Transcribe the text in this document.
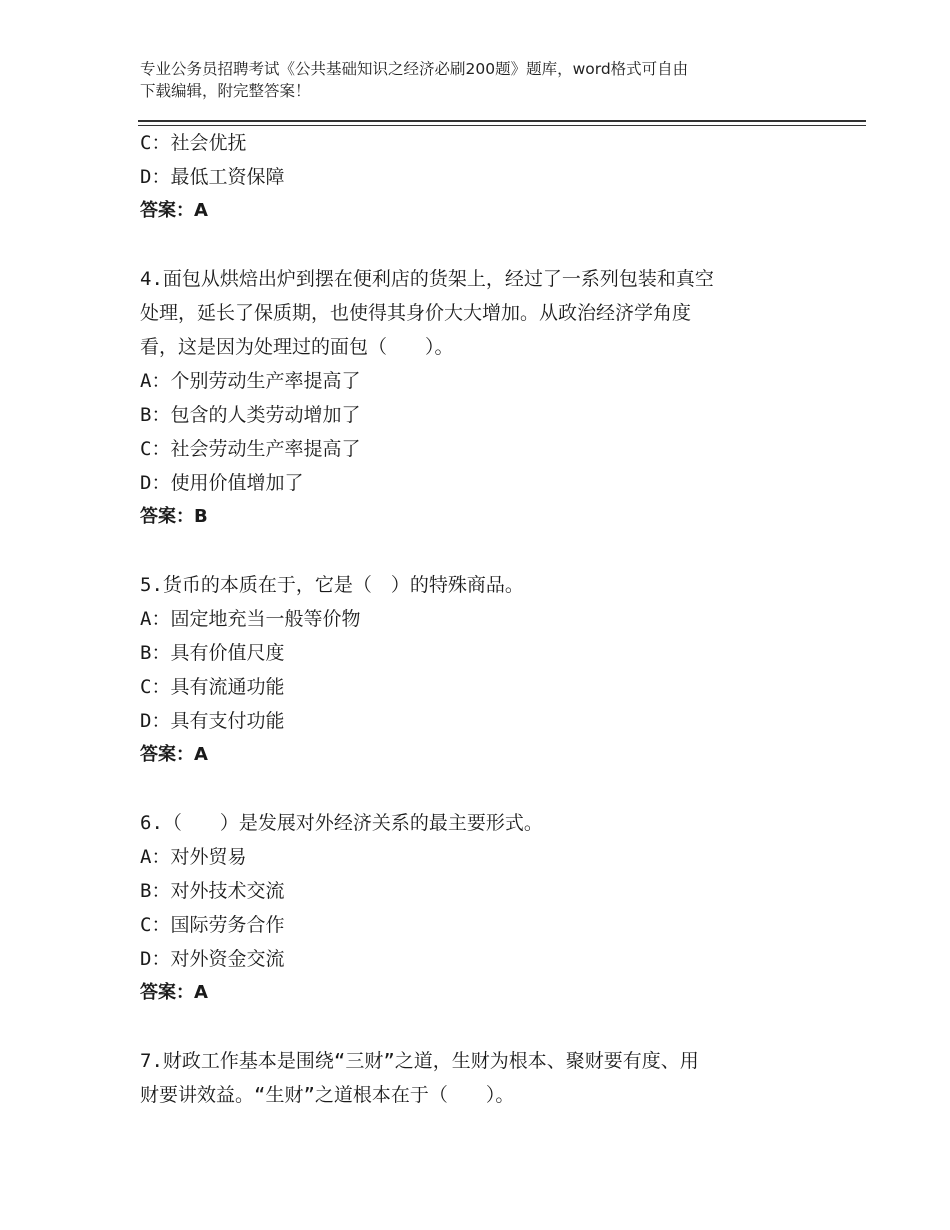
专业公务员招聘考试《公共基础知识之经济必刷200题》题库，word格式可自由
下载编辑，附完整答案！
C：社会优抚
D：最低工资保障
答案：A
4.面包从烘焙出炉到摆在便利店的货架上，经过了一系列包装和真空
处理，延长了保质期，也使得其身价大大增加。从政治经济学角度
看，这是因为处理过的面包（　　）。
A：个别劳动生产率提高了
B：包含的人类劳动增加了
C：社会劳动生产率提高了
D：使用价值增加了
答案：B
5.货币的本质在于，它是（　）的特殊商品。
A：固定地充当一般等价物
B：具有价值尺度
C：具有流通功能
D：具有支付功能
答案：A
6.（　　）是发展对外经济关系的最主要形式。
A：对外贸易
B：对外技术交流
C：国际劳务合作
D：对外资金交流
答案：A
7.财政工作基本是围绕“三财”之道，生财为根本、聚财要有度、用
财要讲效益。“生财”之道根本在于（　　）。
